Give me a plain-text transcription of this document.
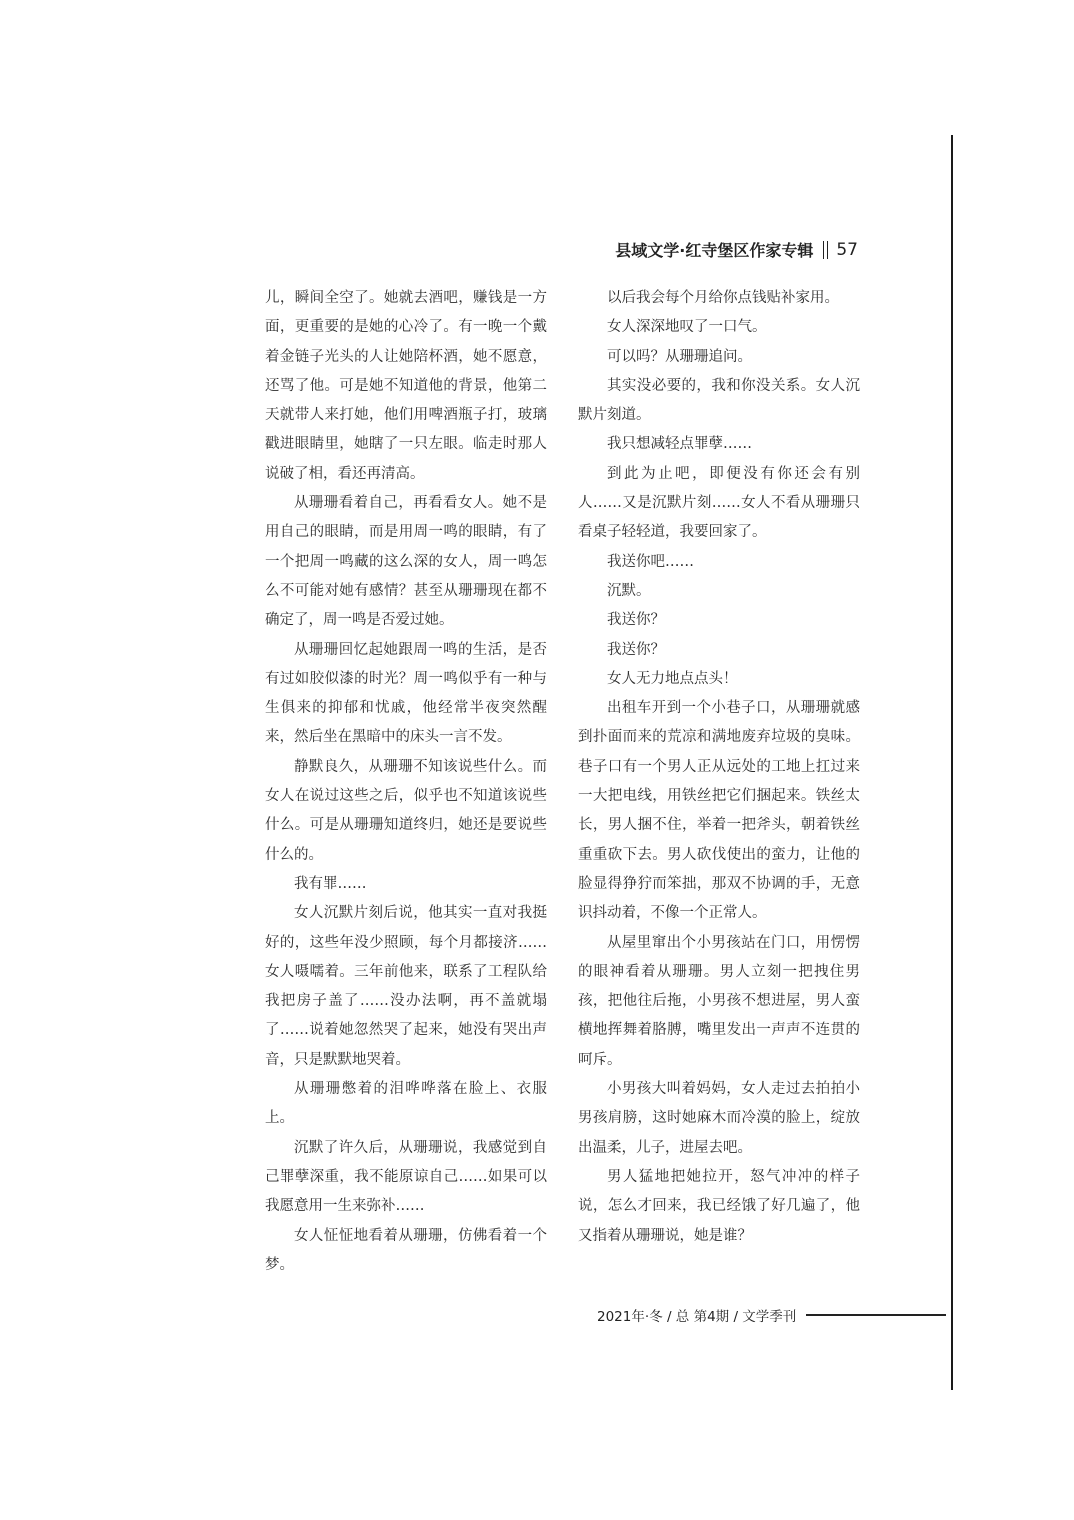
县域文学·红寺堡区作家专辑 57

儿，瞬间全空了。她就去酒吧，赚钱是一方面，更重要的是她的心冷了。有一晚一个戴着金链子光头的人让她陪杯酒，她不愿意，还骂了他。可是她不知道他的背景，他第二天就带人来打她，他们用啤酒瓶子打，玻璃戳进眼睛里，她瞎了一只左眼。临走时那人说破了相，看还再清高。

从珊珊看着自己，再看看女人。她不是用自己的眼睛，而是用周一鸣的眼睛，有了一个把周一鸣藏的这么深的女人，周一鸣怎么不可能对她有感情？甚至从珊珊现在都不确定了，周一鸣是否爱过她。

从珊珊回忆起她跟周一鸣的生活，是否有过如胶似漆的时光？周一鸣似乎有一种与生俱来的抑郁和忧戚，他经常半夜突然醒来，然后坐在黑暗中的床头一言不发。

静默良久，从珊珊不知该说些什么。而女人在说过这些之后，似乎也不知道该说些什么。可是从珊珊知道终归，她还是要说些什么的。

我有罪……

女人沉默片刻后说，他其实一直对我挺好的，这些年没少照顾，每个月都接济……女人嗫嚅着。三年前他来，联系了工程队给我把房子盖了……没办法啊，再不盖就塌了……说着她忽然哭了起来，她没有哭出声音，只是默默地哭着。

从珊珊憋着的泪哗哗落在脸上、衣服上。

沉默了许久后，从珊珊说，我感觉到自己罪孽深重，我不能原谅自己……如果可以我愿意用一生来弥补……

女人怔怔地看着从珊珊，仿佛看着一个梦。

以后我会每个月给你点钱贴补家用。

女人深深地叹了一口气。

可以吗？从珊珊追问。

其实没必要的，我和你没关系。女人沉默片刻道。

我只想减轻点罪孽……

到此为止吧，即便没有你还会有别人……又是沉默片刻……女人不看从珊珊只看桌子轻轻道，我要回家了。

我送你吧……

沉默。

我送你？

我送你？

女人无力地点点头！

出租车开到一个小巷子口，从珊珊就感到扑面而来的荒凉和满地废弃垃圾的臭味。巷子口有一个男人正从远处的工地上扛过来一大把电线，用铁丝把它们捆起来。铁丝太长，男人捆不住，举着一把斧头，朝着铁丝重重砍下去。男人砍伐使出的蛮力，让他的脸显得狰狞而笨拙，那双不协调的手，无意识抖动着，不像一个正常人。

从屋里窜出个小男孩站在门口，用愣愣的眼神看着从珊珊。男人立刻一把拽住男孩，把他往后拖，小男孩不想进屋，男人蛮横地挥舞着胳膊，嘴里发出一声声不连贯的呵斥。

小男孩大叫着妈妈，女人走过去拍拍小男孩肩膀，这时她麻木而冷漠的脸上，绽放出温柔，儿子，进屋去吧。

男人猛地把她拉开，怒气冲冲的样子说，怎么才回来，我已经饿了好几遍了，他又指着从珊珊说，她是谁？

2021年·冬 / 总 第4期 / 文学季刊
